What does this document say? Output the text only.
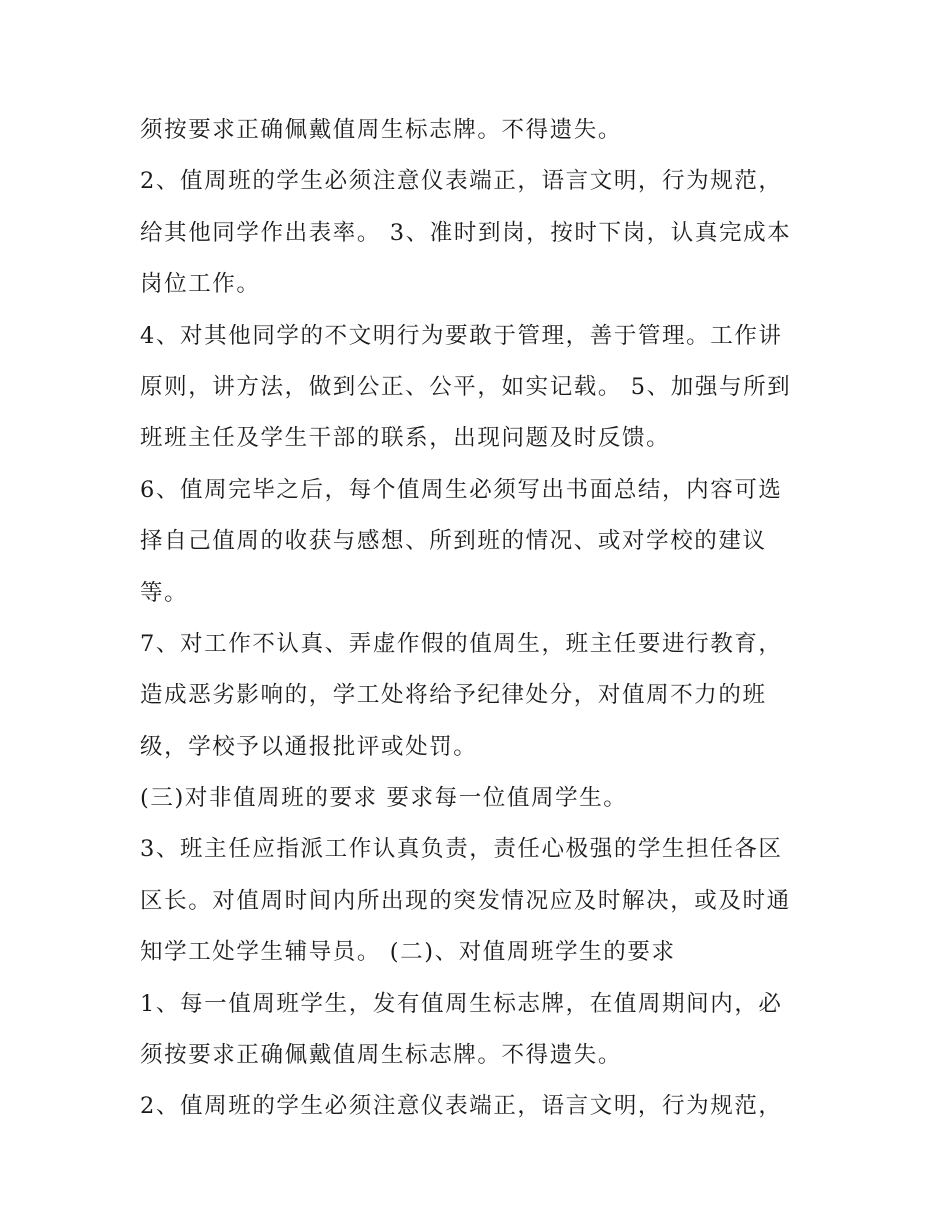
须按要求正确佩戴值周生标志牌。不得遗失。
2、值周班的学生必须注意仪表端正，语言文明，行为规范，
给其他同学作出表率。 3、准时到岗，按时下岗，认真完成本
岗位工作。
4、对其他同学的不文明行为要敢于管理，善于管理。工作讲
原则，讲方法，做到公正、公平，如实记载。 5、加强与所到
班班主任及学生干部的联系，出现问题及时反馈。
6、值周完毕之后，每个值周生必须写出书面总结，内容可选
择自己值周的收获与感想、所到班的情况、或对学校的建议
等。
7、对工作不认真、弄虚作假的值周生，班主任要进行教育，
造成恶劣影响的，学工处将给予纪律处分，对值周不力的班
级，学校予以通报批评或处罚。
(三)对非值周班的要求 要求每一位值周学生。
3、班主任应指派工作认真负责，责任心极强的学生担任各区
区长。对值周时间内所出现的突发情况应及时解决，或及时通
知学工处学生辅导员。 (二)、对值周班学生的要求
1、每一值周班学生，发有值周生标志牌，在值周期间内，必
须按要求正确佩戴值周生标志牌。不得遗失。
2、值周班的学生必须注意仪表端正，语言文明，行为规范，
